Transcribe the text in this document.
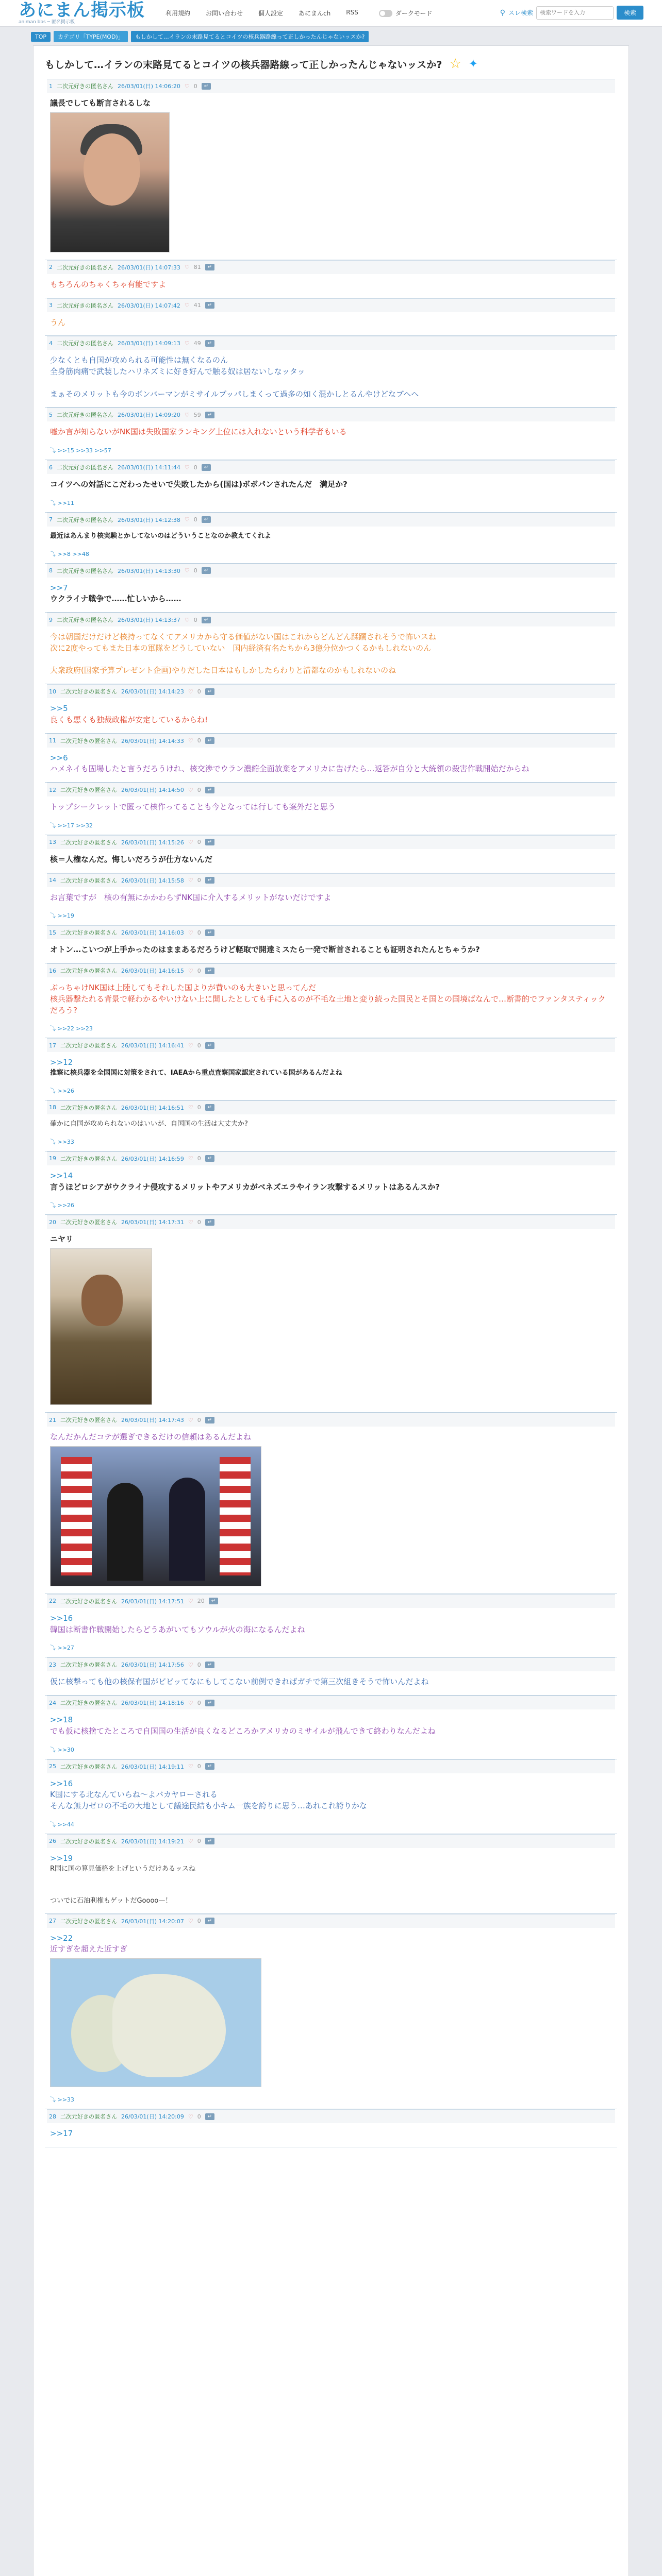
あにまん掲示板
animan bbs ─ 匿名掲示板
利用規約	お問い合わせ	個人設定	あにまんch	RSS	ダークモード	⚲ スレ検索
検索ワードを入力	検索
TOP	カテゴリ「TYPE(MOD)」	もしかして…イランの末路見てるとコイツの核兵器路線って正しかったんじゃないッスか?
もしかして…イランの末路見てるとコイツの核兵器路線って正しかったんじゃないッスか? ☆ ✦
1 二次元好きの匿名さん 26/03/01(日) 14:06:20 ♡ 0	↵
議長でしても断言されるしな
2 二次元好きの匿名さん 26/03/01(日) 14:07:33 ♡ 81	↵
もちろんのちゃくちゃ有能ですよ
3 二次元好きの匿名さん 26/03/01(日) 14:07:42 ♡ 41	↵
うん
4 二次元好きの匿名さん 26/03/01(日) 14:09:13 ♡ 49	↵
少なくとも自国が攻められる可能性は無くなるのん
全身筋肉痛で武装したハリネズミに好き好んで触る奴は居ないしなッタッ

まぁそのメリットも今のボンバーマンがミサイルブッパしまくって過多の如く混かしとるんやけどなブヘヘ
5 二次元好きの匿名さん 26/03/01(日) 14:09:20 ♡ 59	↵
嘘か言が知らないがNK国は失敗国家ランキング上位には入れないという科学者もいる
⤵ >>15 >>33 >>57
6 二次元好きの匿名さん 26/03/01(日) 14:11:44 ♡ 0	↵
コイツへの対話にこだわったせいで失敗したから(国は)ボボパンされたんだ　満足か?
⤵ >>11
7 二次元好きの匿名さん 26/03/01(日) 14:12:38 ♡ 0	↵
最近はあんまり核実験とかしてないのはどういうことなのか教えてくれよ
⤵ >>8 >>48
8 二次元好きの匿名さん 26/03/01(日) 14:13:30 ♡ 0	↵
>>7
ウクライナ戦争で……忙しいから……
9 二次元好きの匿名さん 26/03/01(日) 14:13:37 ♡ 0	↵
今は朝国だけだけど核持ってなくてアメリカから守る価値がない国はこれからどんどん蹂躙されそうで怖いスね
次に2度やってもまた日本の軍隊をどうしていない　国内経済有名たちから3億分位かつくるかもしれないのん

大衆政府(国家予算プレゼント企画)やりだした日本はもしかしたらわりと清都なのかもしれないのね
10 二次元好きの匿名さん 26/03/01(日) 14:14:23 ♡ 0	↵
>>5
良くも悪くも独裁政権が安定しているからね!
11 二次元好きの匿名さん 26/03/01(日) 14:14:33 ♡ 0	↵
>>6
ハメネイも固場したと言うだろうけれ、核交渉でウラン濃縮全面放棄をアメリカに告げたら…返答が自分と大統領の殺害作戦開始だからね
12 二次元好きの匿名さん 26/03/01(日) 14:14:50 ♡ 0	↵
トップシークレットで匿って核作ってることも今となっては行しても案外だと思う
⤵ >>17 >>32
13 二次元好きの匿名さん 26/03/01(日) 14:15:26 ♡ 0	↵
核＝人権なんだ。悔しいだろうが仕方ないんだ
14 二次元好きの匿名さん 26/03/01(日) 14:15:58 ♡ 0	↵
お言葉ですが　核の有無にかかわらずNK国に介入するメリットがないだけですよ
⤵ >>19
15 二次元好きの匿名さん 26/03/01(日) 14:16:03 ♡ 0	↵
オトン…こいつが上手かったのはままあるだろうけど軽取で開達ミスたら一発で断首されることも証明されたんとちゃうか?
16 二次元好きの匿名さん 26/03/01(日) 14:16:15 ♡ 0	↵
ぶっちゃけNK国は上陸してもそれした国よりが費いのも大きいと思ってんだ
核兵器撃たれる背景で軽わかるやいけない上に開したとしても手に入るのが不毛な土地と変り続った国民とそ国との国境ばなんで…断書的でファンタスティックだろう?
⤵ >>22 >>23
17 二次元好きの匿名さん 26/03/01(日) 14:16:41 ♡ 0	↵
>>12
推察に核兵器を全国国に対策をされて、IAEAから重点査察国家認定されている国があるんだよね
⤵ >>26
18 二次元好きの匿名さん 26/03/01(日) 14:16:51 ♡ 0	↵
確かに自国が攻められないのはいいが、自国国の生活は大丈夫か?
⤵ >>33
19 二次元好きの匿名さん 26/03/01(日) 14:16:59 ♡ 0	↵
>>14
言うほどロシアがウクライナ侵攻するメリットやアメリカがベネズエラやイラン攻撃するメリットはあるんスか?
⤵ >>26
20 二次元好きの匿名さん 26/03/01(日) 14:17:31 ♡ 0	↵
ニヤリ
21 二次元好きの匿名さん 26/03/01(日) 14:17:43 ♡ 0	↵
なんだかんだコテが選ぎできるだけの信頼はあるんだよね
22 二次元好きの匿名さん 26/03/01(日) 14:17:51 ♡ 20	↵
>>16
韓国は断書作戦開始したらどうあがいてもソウルが火の海になるんだよね
⤵ >>27
23 二次元好きの匿名さん 26/03/01(日) 14:17:56 ♡ 0	↵
仮に核撃っても他の核保有国がビビッてなにもしてこない前例できればガチで第三次組きそうで怖いんだよね
24 二次元好きの匿名さん 26/03/01(日) 14:18:16 ♡ 0	↵
>>18
でも仮に核捨てたところで自国国の生活が良くなるどころかアメリカのミサイルが飛んできて終わりなんだよね
⤵ >>30
25 二次元好きの匿名さん 26/03/01(日) 14:19:11 ♡ 0	↵
>>16
K国にする北なんていらね～よバカヤローされる
そんな無力ゼロの不毛の大地として議途民結も小キム一族を誇りに思う…あれこれ誇りかな
⤵ >>44
26 二次元好きの匿名さん 26/03/01(日) 14:19:21 ♡ 0	↵
>>19
R国に国の算見価格を上げというだけあるッスね

ついでに石油利権もゲットだGoooo—！
27 二次元好きの匿名さん 26/03/01(日) 14:20:07 ♡ 0	↵
>>22
近すぎを超えた近すぎ
⤵ >>33
28 二次元好きの匿名さん 26/03/01(日) 14:20:09 ♡ 0	↵
>>17
